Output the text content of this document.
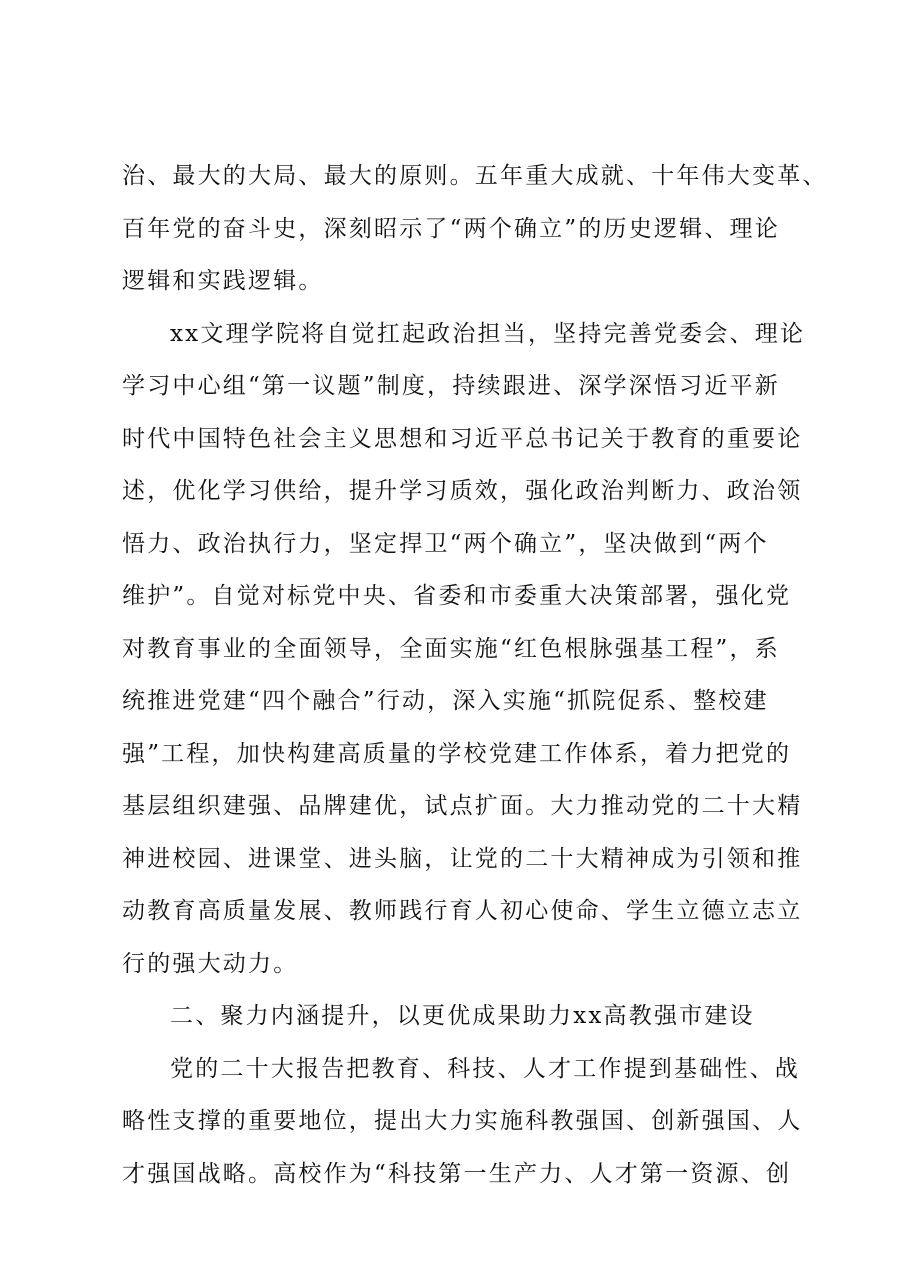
治、最大的大局、最大的原则。五年重大成就、十年伟大变革、
百年党的奋斗史，深刻昭示了“两个确立”的历史逻辑、理论
逻辑和实践逻辑。
xx文理学院将自觉扛起政治担当，坚持完善党委会、理论
学习中心组“第一议题”制度，持续跟进、深学深悟习近平新
时代中国特色社会主义思想和习近平总书记关于教育的重要论
述，优化学习供给，提升学习质效，强化政治判断力、政治领
悟力、政治执行力，坚定捍卫“两个确立”，坚决做到“两个
维护”。自觉对标党中央、省委和市委重大决策部署，强化党
对教育事业的全面领导，全面实施“红色根脉强基工程”，系
统推进党建“四个融合”行动，深入实施“抓院促系、整校建
强”工程，加快构建高质量的学校党建工作体系，着力把党的
基层组织建强、品牌建优，试点扩面。大力推动党的二十大精
神进校园、进课堂、进头脑，让党的二十大精神成为引领和推
动教育高质量发展、教师践行育人初心使命、学生立德立志立
行的强大动力。
二、聚力内涵提升，以更优成果助力xx高教强市建设
党的二十大报告把教育、科技、人才工作提到基础性、战
略性支撑的重要地位，提出大力实施科教强国、创新强国、人
才强国战略。高校作为“科技第一生产力、人才第一资源、创
